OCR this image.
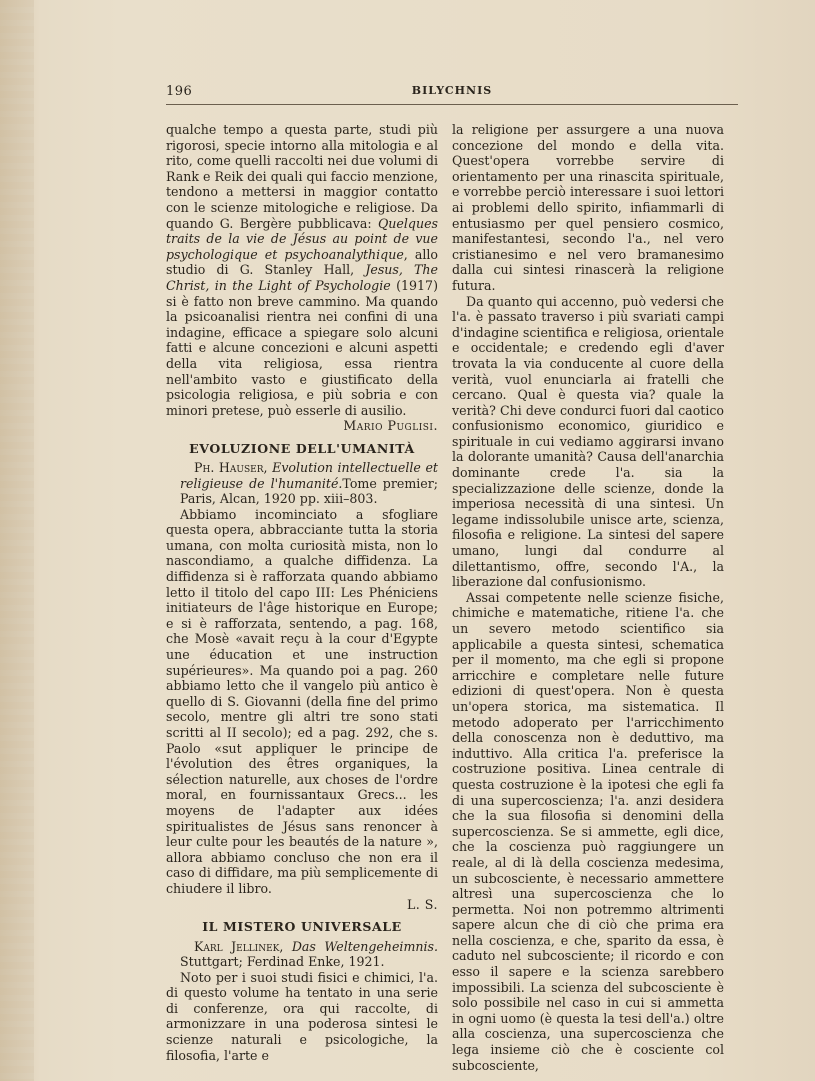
196	BILYCHNIS

qualche tempo a questa parte, studi più rigorosi, specie intorno alla mitologia e al rito, come quelli raccolti nei due volumi di Rank e Reik dei quali qui faccio menzione, tendono a mettersi in maggior contatto con le scienze mitologiche e religiose. Da quando G. Bergère pubblicava: Quelques traits de la vie de Jésus au point de vue psychologique et psychoanalythique, allo studio di G. Stanley Hall, Jesus, The Christ, in the Light of Psychologie (1917) si è fatto non breve cammino. Ma quando la psicoanalisi rientra nei confini di una indagine, efficace a spiegare solo alcuni fatti e alcune concezioni e alcuni aspetti della vita religiosa, essa rientra nell'ambito vasto e giustificato della psicologia religiosa, e più sobria e con minori pretese, può esserle di ausilio.

Mario Puglisi.
EVOLUZIONE DELL'UMANITÀ

Ph. Hauser, Evolution intellectuelle et religieuse de l'humanité.Tome premier; Paris, Alcan, 1920 pp. xiii–803.

Abbiamo incominciato a sfogliare questa opera, abbracciante tutta la storia umana, con molta curiosità mista, non lo nascondiamo, a qualche diffidenza. La diffidenza si è rafforzata quando abbiamo letto il titolo del capo III: Les Phéniciens initiateurs de l'âge historique en Europe; e si è rafforzata, sentendo, a pag. 168, che Mosè «avait reçu à la cour d'Egypte une éducation et une instruction supérieures». Ma quando poi a pag. 260 abbiamo letto che il vangelo più antico è quello di S. Giovanni (della fine del primo secolo, mentre gli altri tre sono stati scritti al II secolo); ed a pag. 292, che s. Paolo «sut appliquer le principe de l'évolution des êtres organiques, la sélection naturelle, aux choses de l'ordre moral, en fournissantaux Grecs... les moyens de l'adapter aux idées spiritualistes de Jésus sans renoncer à leur culte pour les beautés de la nature », allora abbiamo concluso che non era il caso di diffidare, ma più semplicemente di chiudere il libro.

L. S.
IL MISTERO UNIVERSALE

Karl Jellinek, Das Weltengeheimnis. Stuttgart; Ferdinad Enke, 1921.

Noto per i suoi studi fisici e chimici, l'a. di questo volume ha tentato in una serie di conferenze, ora qui raccolte, di armonizzare in una poderosa sintesi le scienze naturali e psicologiche, la filosofia, l'arte e

la religione per assurgere a una nuova concezione del mondo e della vita. Quest'opera vorrebbe servire di orientamento per una rinascita spirituale, e vorrebbe perciò interessare i suoi lettori ai problemi dello spirito, infiammarli di entusiasmo per quel pensiero cosmico, manifestantesi, secondo l'a., nel vero cristianesimo e nel vero bramanesimo dalla cui sintesi rinascerà la religione futura.

Da quanto qui accenno, può vedersi che l'a. è passato traverso i più svariati campi d'indagine scientifica e religiosa, orientale e occidentale; e credendo egli d'aver trovata la via conducente al cuore della verità, vuol enunciarla ai fratelli che cercano. Qual è questa via? quale la verità? Chi deve condurci fuori dal caotico confusionismo economico, giuridico e spirituale in cui vediamo aggirarsi invano la dolorante umanità? Causa dell'anarchia dominante crede l'a. sia la specializzazione delle scienze, donde la imperiosa necessità di una sintesi. Un legame indissolubile unisce arte, scienza, filosofia e religione. La sintesi del sapere umano, lungi dal condurre al dilettantismo, offre, secondo l'A., la liberazione dal confusionismo.

Assai competente nelle scienze fisiche, chimiche e matematiche, ritiene l'a. che un severo metodo scientifico sia applicabile a questa sintesi, schematica per il momento, ma che egli si propone arricchire e completare nelle future edizioni di quest'opera. Non è questa un'opera storica, ma sistematica. Il metodo adoperato per l'arricchimento della conoscenza non è deduttivo, ma induttivo. Alla critica l'a. preferisce la costruzione positiva. Linea centrale di questa costruzione è la ipotesi che egli fa di una supercoscienza; l'a. anzi desidera che la sua filosofia si denomini della supercoscienza. Se si ammette, egli dice, che la coscienza può raggiungere un reale, al di là della coscienza medesima, un subcosciente, è necessario ammettere altresì una supercoscienza che lo permetta. Noi non potremmo altrimenti sapere alcun che di ciò che prima era nella coscienza, e che, sparito da essa, è caduto nel subcosciente; il ricordo e con esso il sapere e la scienza sarebbero impossibili. La scienza del subcosciente è solo possibile nel caso in cui si ammetta in ogni uomo (è questa la tesi dell'a.) oltre alla coscienza, una supercoscienza che lega insieme ciò che è cosciente col subcosciente,
